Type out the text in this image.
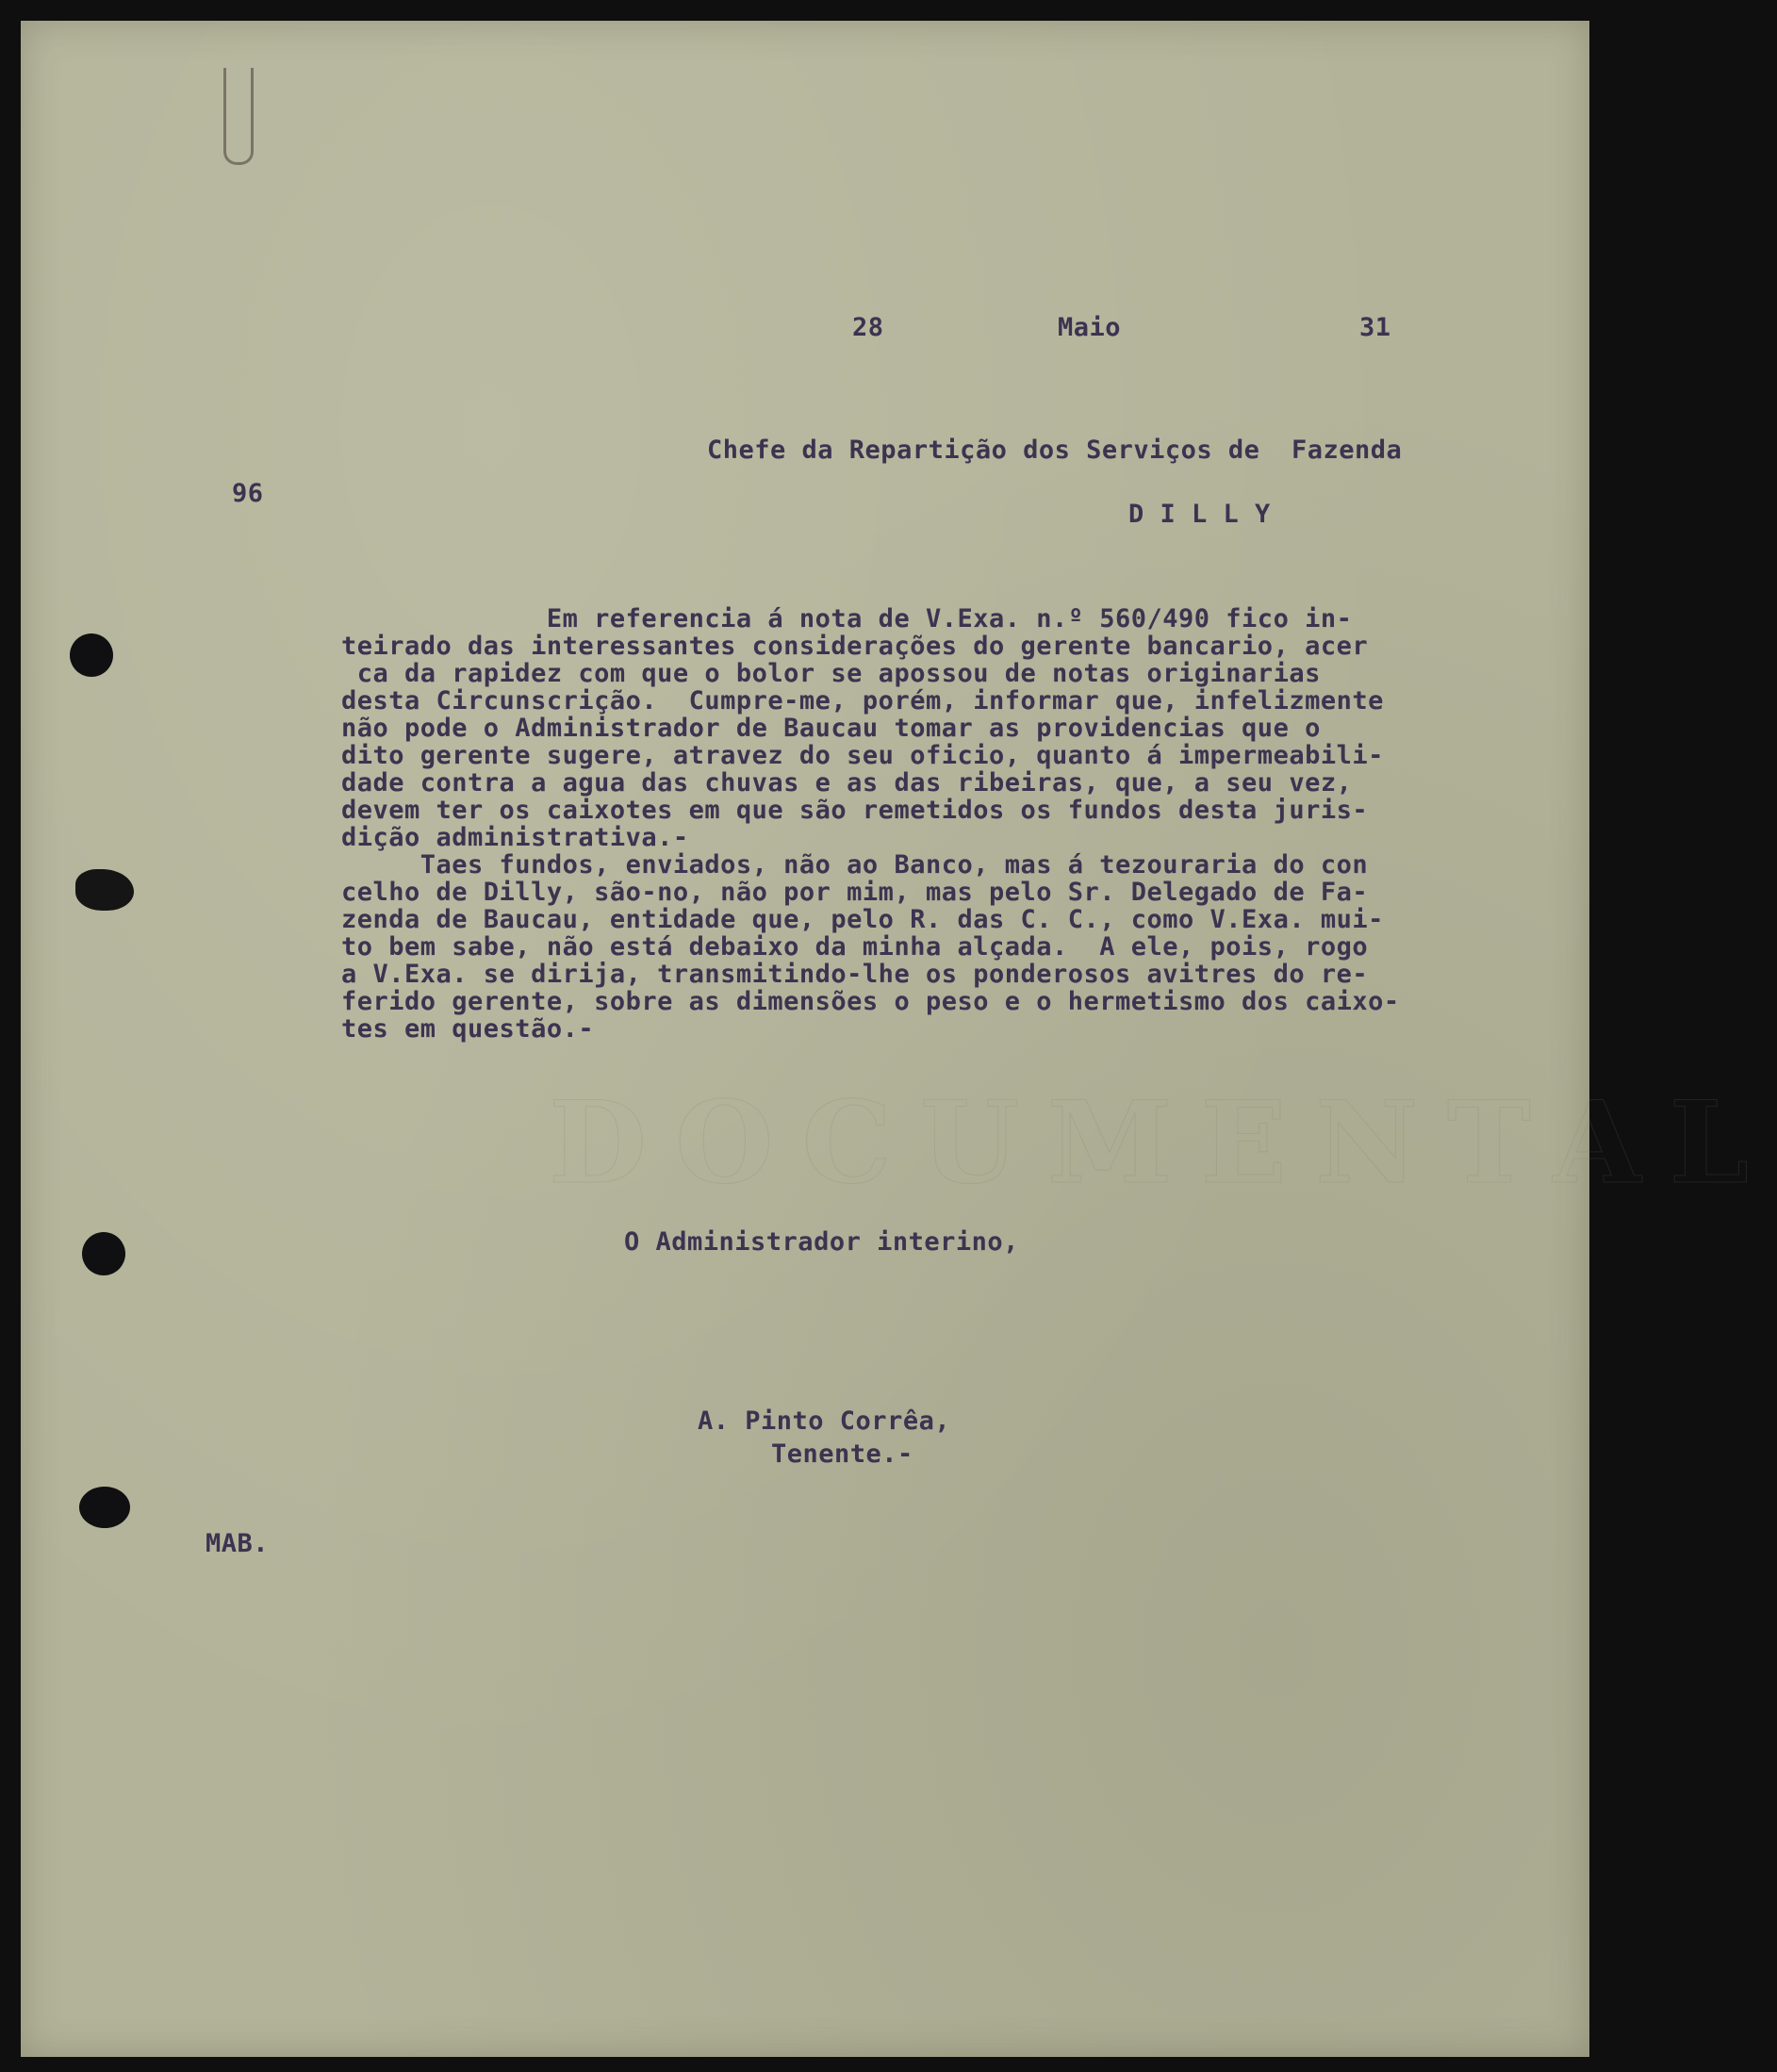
DOCUMENTAL

28	Maio	31

Chefe da Repartição dos Serviços de  Fazenda

96

D I L L Y

Em referencia á nota de V.Exa. n.º 560/490 fico in-

teirado das interessantes considerações do gerente bancario, acer

ca da rapidez com que o bolor se apossou de notas originarias

desta Circunscrição.  Cumpre-me, porém, informar que, infelizmente

não pode o Administrador de Baucau tomar as providencias que o

dito gerente sugere, atravez do seu oficio, quanto á impermeabili-

dade contra a agua das chuvas e as das ribeiras, que, a seu vez,

devem ter os caixotes em que são remetidos os fundos desta juris-

dição administrativa.-

Taes fundos, enviados, não ao Banco, mas á tezouraria do con

celho de Dilly, são-no, não por mim, mas pelo Sr. Delegado de Fa-

zenda de Baucau, entidade que, pelo R. das C. C., como V.Exa. mui-

to bem sabe, não está debaixo da minha alçada.  A ele, pois, rogo

a V.Exa. se dirija, transmitindo-lhe os ponderosos avitres do re-

ferido gerente, sobre as dimensões o peso e o hermetismo dos caixo-

tes em questão.-

O Administrador interino,

A. Pinto Corrêa,

Tenente.-

MAB.
